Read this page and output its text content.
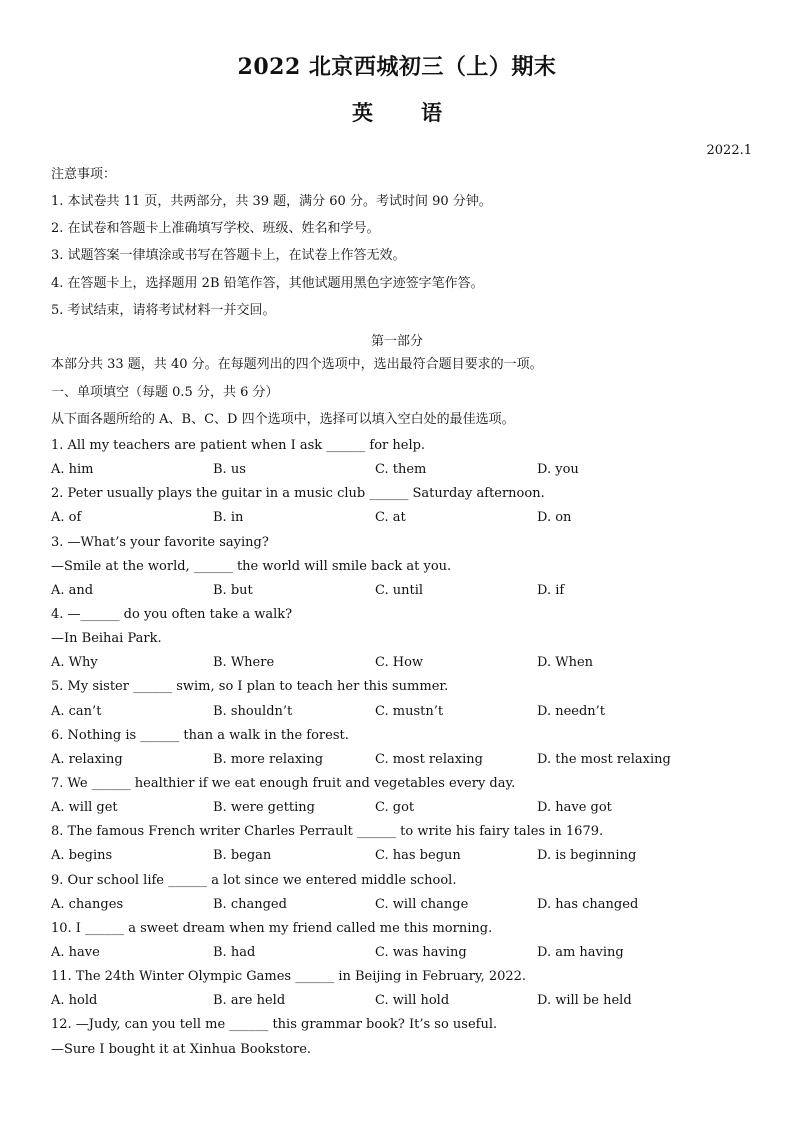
2022 北京西城初三（上）期末
英 语
2022.1
注意事项：
1. 本试卷共 11 页，共两部分，共 39 题，满分 60 分。考试时间 90 分钟。
2. 在试卷和答题卡上准确填写学校、班级、姓名和学号。
3. 试题答案一律填涂或书写在答题卡上，在试卷上作答无效。
4. 在答题卡上，选择题用 2B 铅笔作答，其他试题用黑色字迹签字笔作答。
5. 考试结束，请将考试材料一并交回。
第一部分
本部分共 33 题，共 40 分。在每题列出的四个选项中，选出最符合题目要求的一项。
一、单项填空（每题 0.5 分，共 6 分）
从下面各题所给的 A、B、C、D 四个选项中，选择可以填入空白处的最佳选项。
1. All my teachers are patient when I ask ______ for help.
A. him	B. us	C. them	D. you
2. Peter usually plays the guitar in a music club ______ Saturday afternoon.
A. of	B. in	C. at	D. on
3. —What’s your favorite saying?
—Smile at the world, ______ the world will smile back at you.
A. and	B. but	C. until	D. if
4. —______ do you often take a walk?
—In Beihai Park.
A. Why	B. Where	C. How	D. When
5. My sister ______ swim, so I plan to teach her this summer.
A. can’t	B. shouldn’t	C. mustn’t	D. needn’t
6. Nothing is ______ than a walk in the forest.
A. relaxing	B. more relaxing	C. most relaxing	D. the most relaxing
7. We ______ healthier if we eat enough fruit and vegetables every day.
A. will get	B. were getting	C. got	D. have got
8. The famous French writer Charles Perrault ______ to write his fairy tales in 1679.
A. begins	B. began	C. has begun	D. is beginning
9. Our school life ______ a lot since we entered middle school.
A. changes	B. changed	C. will change	D. has changed
10. I ______ a sweet dream when my friend called me this morning.
A. have	B. had	C. was having	D. am having
11. The 24th Winter Olympic Games ______ in Beijing in February, 2022.
A. hold	B. are held	C. will hold	D. will be held
12. —Judy, can you tell me ______ this grammar book? It’s so useful.
—Sure I bought it at Xinhua Bookstore.
